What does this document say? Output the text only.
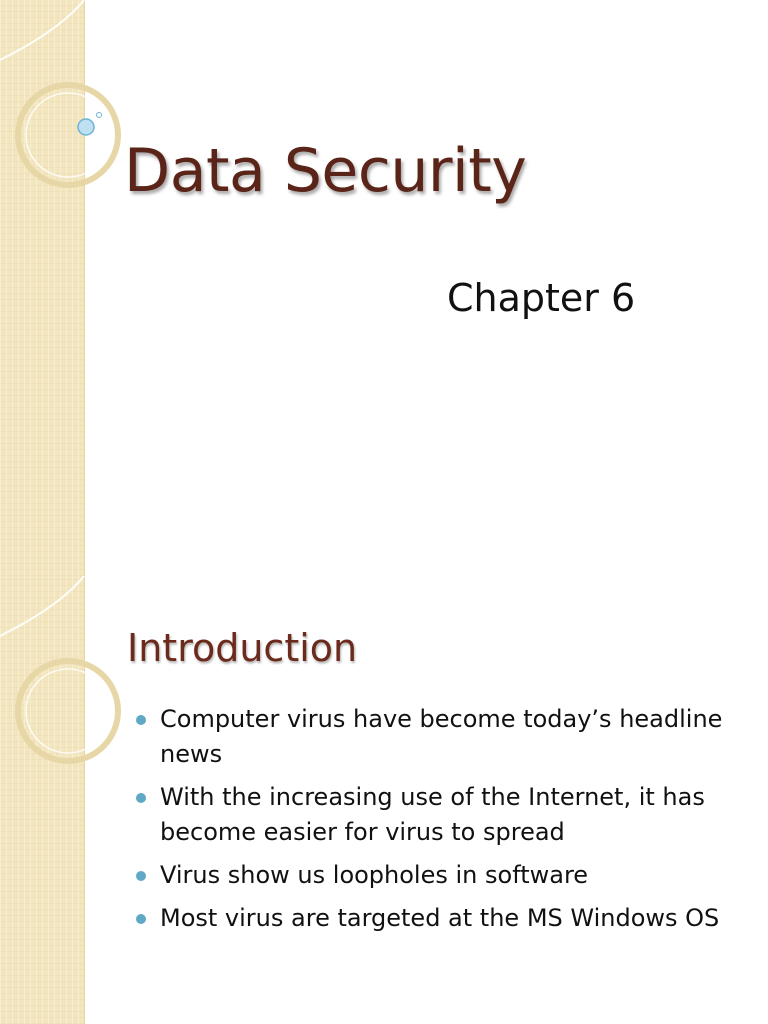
Data Security

Chapter 6

Introduction
Computer virus have become today’s headline news
With the increasing use of the Internet, it has become easier for virus to spread
Virus show us loopholes in software
Most virus are targeted at the MS Windows OS
